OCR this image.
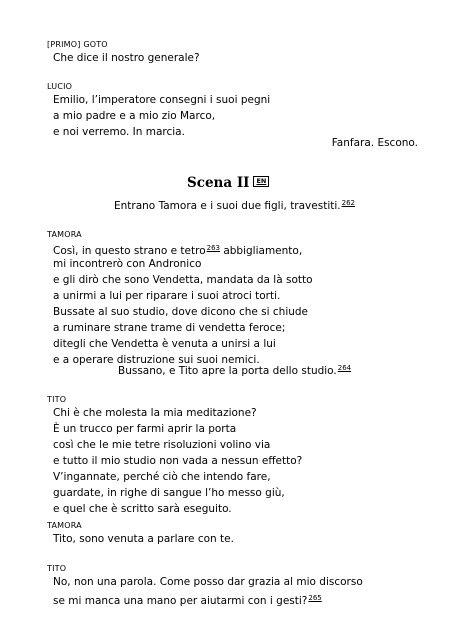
[PRIMO] GOTO
Che dice il nostro generale?
LUCIO
Emilio, l’imperatore consegni i suoi pegni
a mio padre e a mio zio Marco,
e noi verremo. In marcia.
Fanfara. Escono.
Scena II EN
Entrano Tamora e i suoi due figli, travestiti.$^{262}$
TAMORA
Così, in questo strano e tetro$^{263}$ abbigliamento,
mi incontrerò con Andronico
e gli dirò che sono Vendetta, mandata da là sotto
a unirmi a lui per riparare i suoi atroci torti.
Bussate al suo studio, dove dicono che si chiude
a ruminare strane trame di vendetta feroce;
ditegli che Vendetta è venuta a unirsi a lui
e a operare distruzione sui suoi nemici.
Bussano, e Tito apre la porta dello studio.$^{264}$
TITO
Chi è che molesta la mia meditazione?
È un trucco per farmi aprir la porta
così che le mie tetre risoluzioni volino via
e tutto il mio studio non vada a nessun effetto?
V’ingannate, perché ciò che intendo fare,
guardate, in righe di sangue l’ho messo giù,
e quel che è scritto sarà eseguito.
TAMORA
Tito, sono venuta a parlare con te.
TITO
No, non una parola. Come posso dar grazia al mio discorso
se mi manca una mano per aiutarmi con i gesti?$^{265}$
